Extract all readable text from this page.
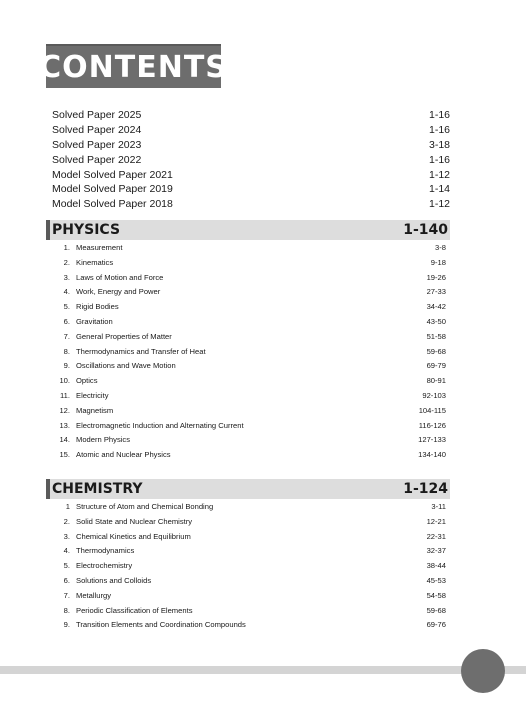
CONTENTS
Solved Paper 2025	1-16
Solved Paper 2024	1-16
Solved Paper 2023	3-18
Solved Paper 2022	1-16
Model Solved Paper 2021	1-12
Model Solved Paper 2019	1-14
Model Solved Paper 2018	1-12
PHYSICS	1-140
1. Measurement	3-8
2. Kinematics	9-18
3. Laws of Motion and Force	19-26
4. Work, Energy and Power	27-33
5. Rigid Bodies	34-42
6. Gravitation	43-50
7. General Properties of Matter	51-58
8. Thermodynamics and Transfer of Heat	59-68
9. Oscillations and Wave Motion	69-79
10. Optics	80-91
11. Electricity	92-103
12. Magnetism	104-115
13. Electromagnetic Induction and Alternating Current	116-126
14. Modern Physics	127-133
15. Atomic and Nuclear Physics	134-140
CHEMISTRY	1-124
1 Structure of Atom and Chemical Bonding	3-11
2. Solid State and Nuclear Chemistry	12-21
3. Chemical Kinetics and Equilibrium	22-31
4. Thermodynamics	32-37
5. Electrochemistry	38-44
6. Solutions and Colloids	45-53
7. Metallurgy	54-58
8. Periodic Classification of Elements	59-68
9. Transition Elements and Coordination Compounds	69-76
